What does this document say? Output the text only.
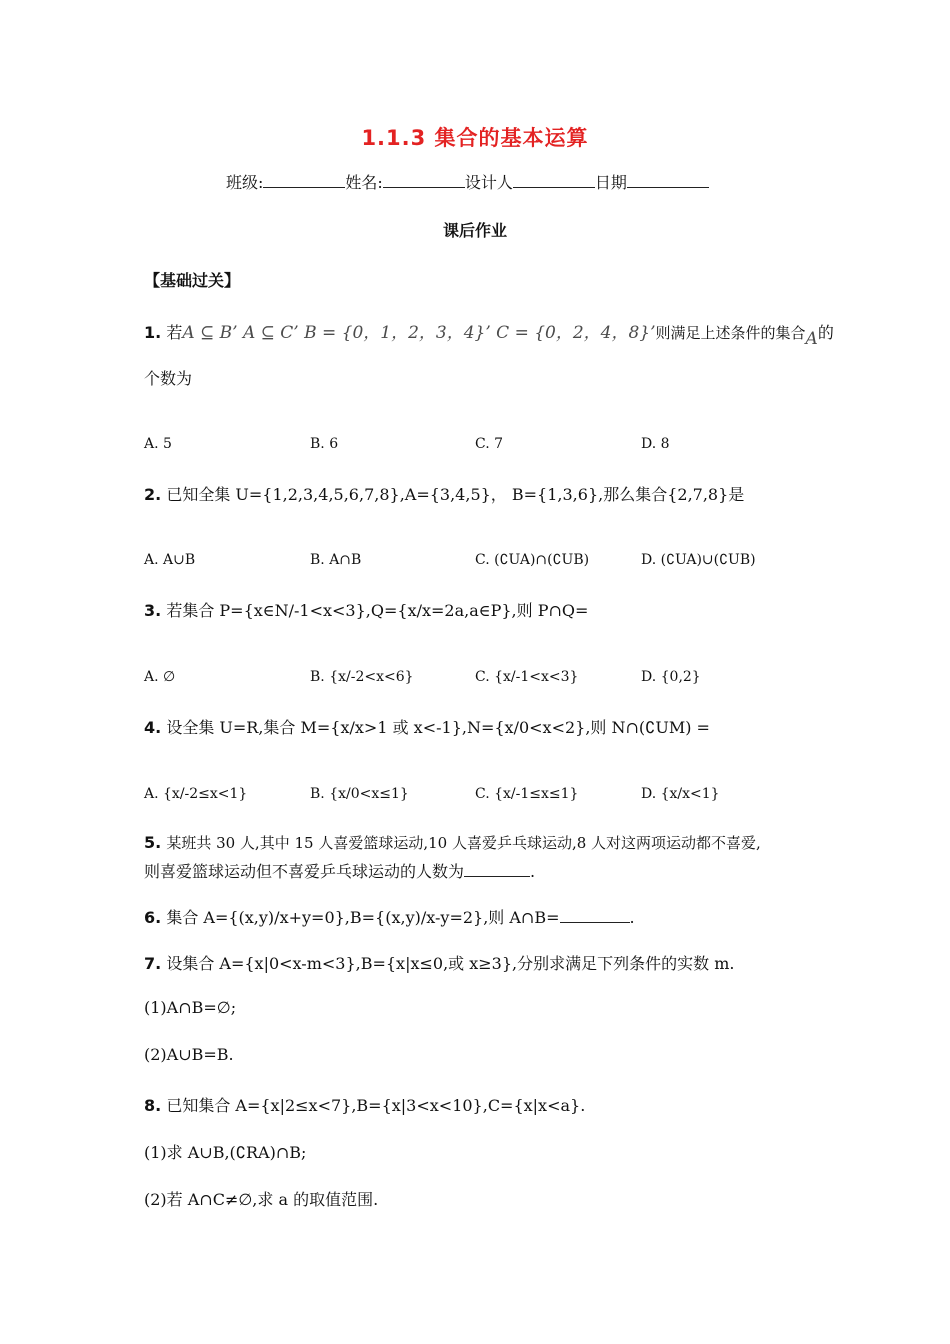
1.1.3 集合的基本运算
班级:	姓名:	设计人	日期
课后作业
【基础过关】
1. 若A ⊆ B’ A ⊆ C’ B = {0，1，2，3，4}’ C = {0，2，4，8}’则满足上述条件的集合A的
个数为
A. 5	B. 6	C. 7	D. 8
2. 已知全集 U={1,2,3,4,5,6,7,8},A={3,4,5}， B={1,3,6},那么集合{2,7,8}是
A. A∪B	B. A∩B	C. (∁UA)∩(∁UB)	D. (∁UA)∪(∁UB)
3. 若集合 P={x∈N/-1<x<3},Q={x/x=2a,a∈P},则 P∩Q=
A. ∅	B. {x/-2<x<6}	C. {x/-1<x<3}	D. {0,2}
4. 设全集 U=R,集合 M={x/x>1 或 x<-1},N={x/0<x<2},则 N∩(∁UM) =
A. {x/-2≤x<1}	B. {x/0<x≤1}	C. {x/-1≤x≤1}	D. {x/x<1}
5. 某班共 30 人,其中 15 人喜爱篮球运动,10 人喜爱乒乓球运动,8 人对这两项运动都不喜爱,
则喜爱篮球运动但不喜爱乒乓球运动的人数为	.
6. 集合 A={(x,y)/x+y=0},B={(x,y)/x-y=2},则 A∩B=	.
7. 设集合 A={x|0<x-m<3},B={x|x≤0,或 x≥3},分别求满足下列条件的实数 m.
(1)A∩B=∅;
(2)A∪B=B.
8. 已知集合 A={x|2≤x<7},B={x|3<x<10},C={x|x<a}.
(1)求 A∪B,(∁RA)∩B;
(2)若 A∩C≠∅,求 a 的取值范围.
